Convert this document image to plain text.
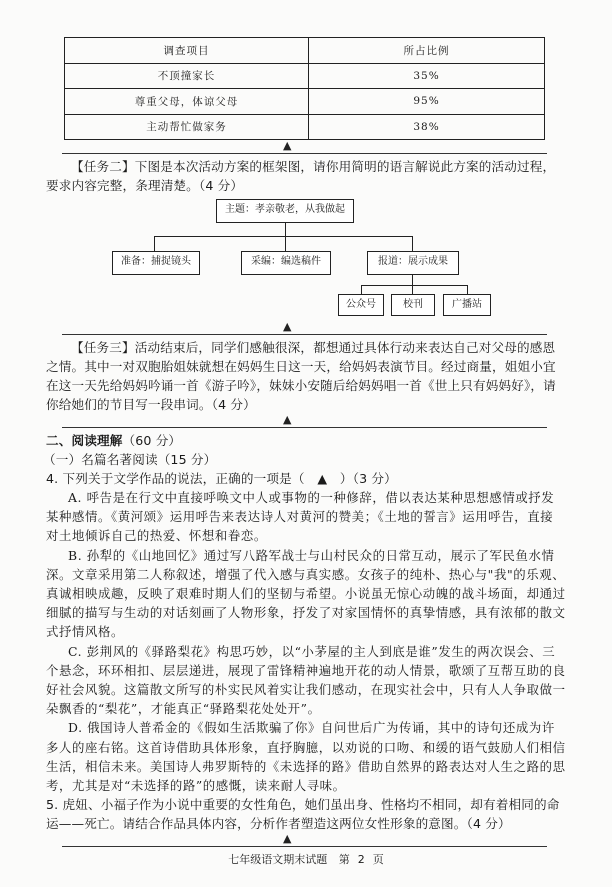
调查项目	所占比例
不顶撞家长	35%
尊重父母，体谅父母	95%
主动帮忙做家务	38%
▲
【任务二】下图是本次活动方案的框架图，请你用简明的语言解说此方案的活动过程，要求内容完整，条理清楚。（4 分）
主题：孝亲敬老，从我做起
准备：捕捉镜头	采编：编选稿件	报道：展示成果
公众号	校刊	广播站
▲
【任务三】活动结束后，同学们感触很深，都想通过具体行动来表达自己对父母的感恩之情。其中一对双胞胎姐妹就想在妈妈生日这一天，给妈妈表演节目。经过商量，姐姐小宜在这一天先给妈妈吟诵一首《游子吟》，妹妹小安随后给妈妈唱一首《世上只有妈妈好》，请你给她们的节目写一段串词。（4 分）
▲
二、阅读理解（60 分）
（一）名篇名著阅读（15 分）
4. 下列关于文学作品的说法，正确的一项是（　▲　）（3 分）
A. 呼告是在行文中直接呼唤文中人或事物的一种修辞，借以表达某种思想感情或抒发某种感情。《黄河颂》运用呼告来表达诗人对黄河的赞美；《土地的誓言》运用呼告，直接对土地倾诉自己的热爱、怀想和眷恋。
B. 孙犁的《山地回忆》通过写八路军战士与山村民众的日常互动，展示了军民鱼水情深。文章采用第二人称叙述，增强了代入感与真实感。女孩子的纯朴、热心与"我"的乐观、真诚相映成趣，反映了艰难时期人们的坚韧与希望。小说虽无惊心动魄的战斗场面，却通过细腻的描写与生动的对话刻画了人物形象，抒发了对家国情怀的真挚情感，具有浓郁的散文式抒情风格。
C. 彭荆风的《驿路梨花》构思巧妙，以“小茅屋的主人到底是谁”发生的两次误会、三个悬念，环环相扣、层层递进，展现了雷锋精神遍地开花的动人情景，歌颂了互帮互助的良好社会风貌。这篇散文所写的朴实民风着实让我们感动，在现实社会中，只有人人争取做一朵飘香的“梨花”，才能真正“驿路梨花处处开”。
D. 俄国诗人普希金的《假如生活欺骗了你》自问世后广为传诵，其中的诗句还成为许多人的座右铭。这首诗借助具体形象，直抒胸臆，以劝说的口吻、和缓的语气鼓励人们相信生活，相信未来。美国诗人弗罗斯特的《未选择的路》借助自然界的路表达对人生之路的思考，尤其是对“未选择的路”的感慨，读来耐人寻味。
5. 虎妞、小福子作为小说中重要的女性角色，她们虽出身、性格均不相同，却有着相同的命运——死亡。请结合作品具体内容，分析作者塑造这两位女性形象的意图。（4 分）
▲
七年级语文期末试题 第 2 页
